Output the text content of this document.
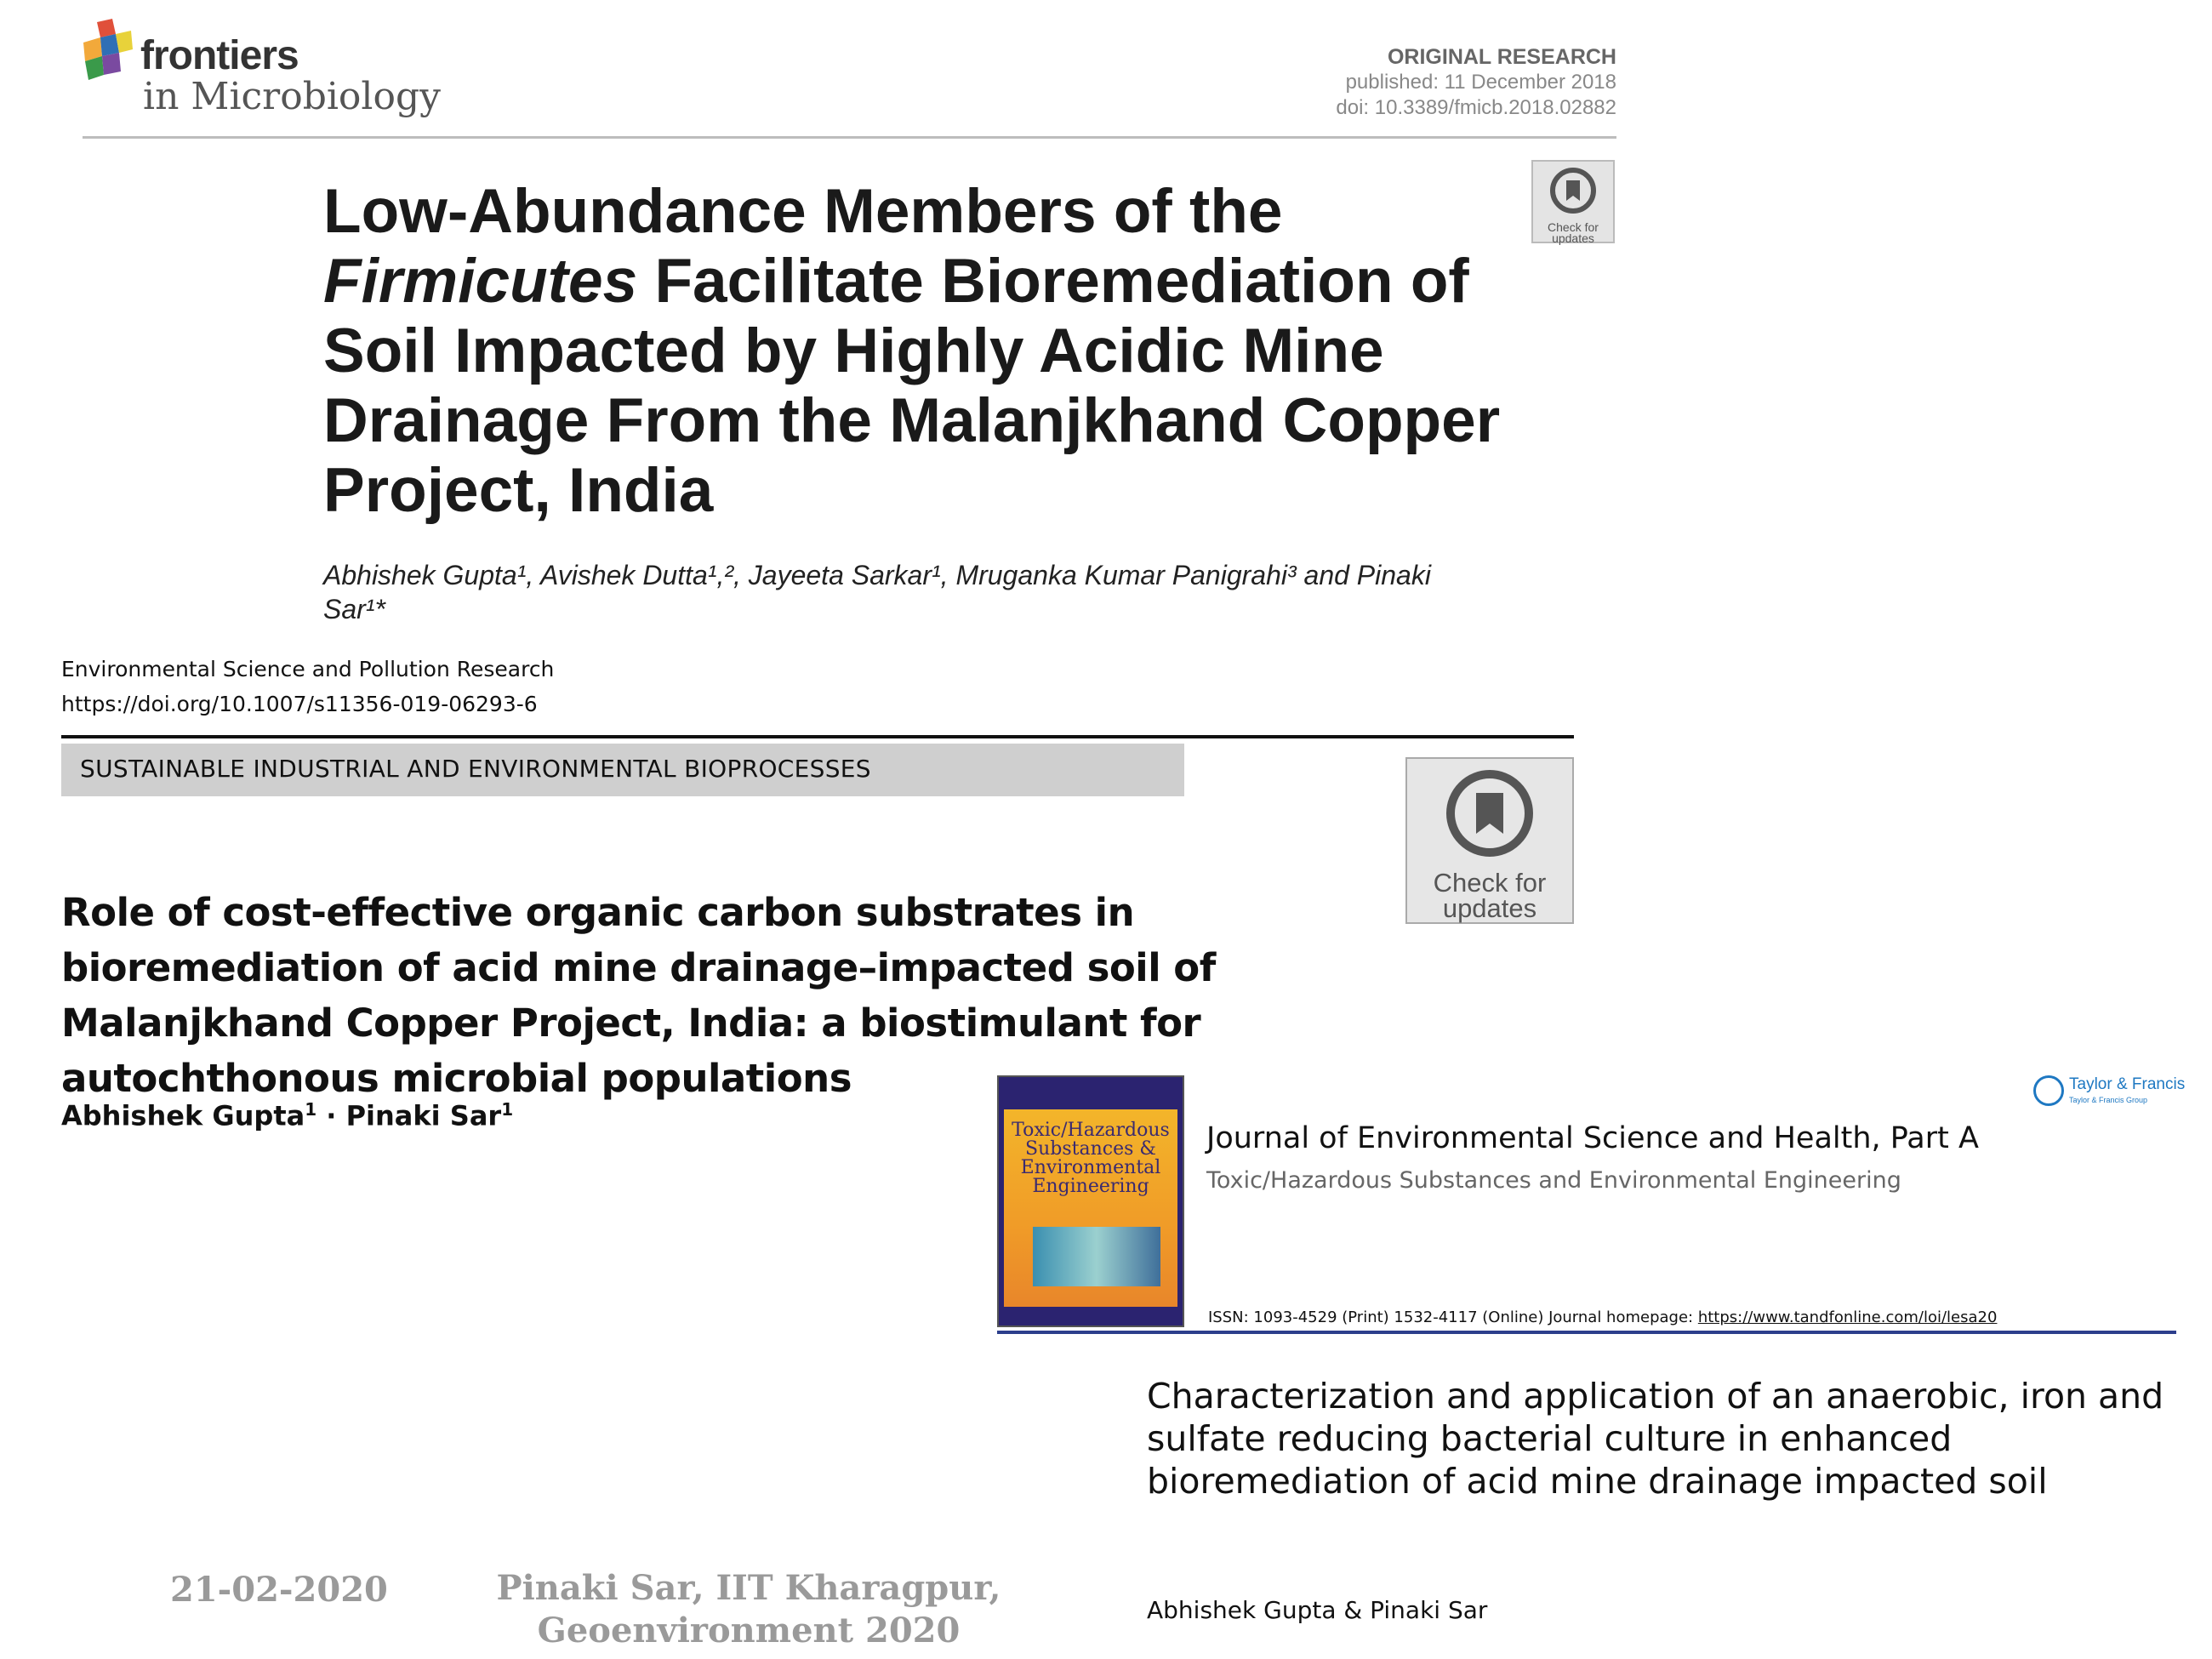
frontiers
in Microbiology
ORIGINAL RESEARCH
published: 11 December 2018
doi: 10.3389/fmicb.2018.02882
Check for updates
Low-Abundance Members of the
Firmicutes Facilitate Bioremediation of Soil Impacted by Highly Acidic Mine Drainage From the Malanjkhand Copper Project, India
Abhishek Gupta¹, Avishek Dutta¹,², Jayeeta Sarkar¹, Mruganka Kumar Panigrahi³ and Pinaki Sar¹*
Environmental Science and Pollution Research
https://doi.org/10.1007/s11356-019-06293-6
SUSTAINABLE INDUSTRIAL AND ENVIRONMENTAL BIOPROCESSES
Check for
updates
Role of cost-effective organic carbon substrates in bioremediation of acid mine drainage–impacted soil of Malanjkhand Copper Project, India: a biostimulant for autochthonous microbial populations
Abhishek Gupta$^1$ · Pinaki Sar$^1$
Toxic/Hazardous Substances & Environmental Engineering
Taylor & Francis
Taylor & Francis Group
Journal of Environmental Science and Health, Part A
Toxic/Hazardous Substances and Environmental Engineering
ISSN: 1093-4529 (Print) 1532-4117 (Online) Journal homepage: https://www.tandfonline.com/loi/lesa20
Characterization and application of an anaerobic, iron and sulfate reducing bacterial culture in enhanced bioremediation of acid mine drainage impacted soil
Abhishek Gupta & Pinaki Sar
21-02-2020	Pinaki Sar, IIT Kharagpur,
Geoenvironment 2020
